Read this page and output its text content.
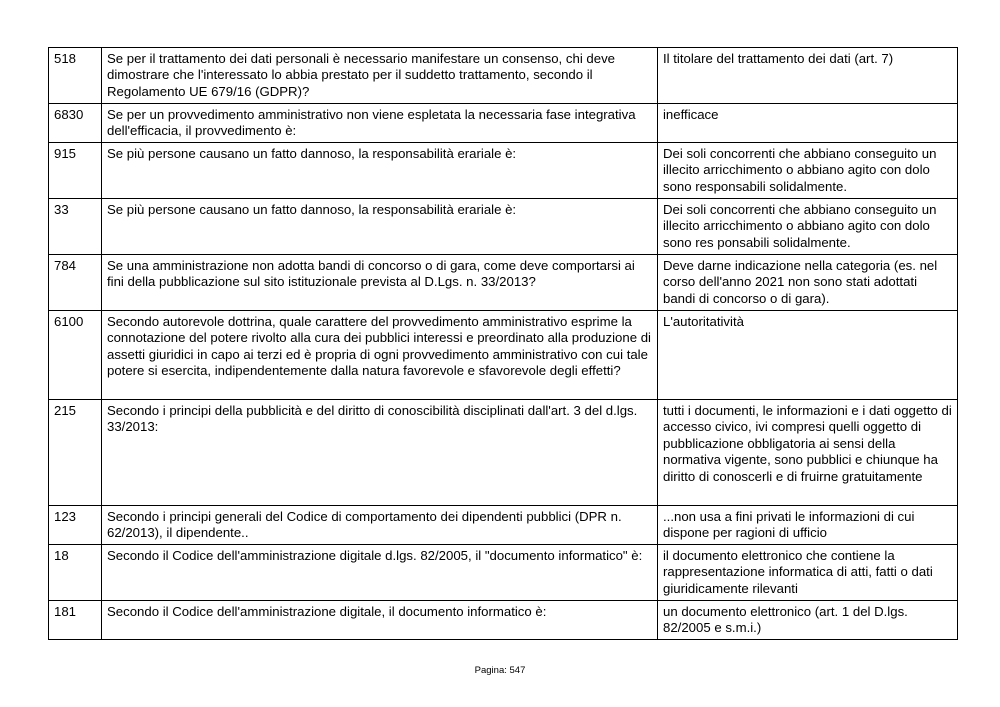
518	Se per il trattamento dei dati personali è necessario manifestare un consenso, chi deve dimostrare che l'interessato lo abbia prestato per il suddetto trattamento, secondo il Regolamento UE 679/16 (GDPR)?	Il titolare del trattamento dei dati (art. 7)
6830	Se per un provvedimento amministrativo non viene espletata la necessaria fase integrativa dell'efficacia, il provvedimento è:	inefficace
915	Se più persone causano un fatto dannoso, la responsabilità erariale è:	Dei soli concorrenti che abbiano conseguito un illecito arricchimento o abbiano agito con dolo sono responsabili solidalmente.
33	Se più persone causano un fatto dannoso, la responsabilità erariale è:	Dei soli concorrenti che abbiano conseguito un illecito arricchimento o abbiano agito con dolo sono res ponsabili solidalmente.
784	Se una amministrazione non adotta bandi di concorso o di gara, come deve comportarsi ai fini della pubblicazione sul sito istituzionale prevista al D.Lgs. n. 33/2013?	Deve darne indicazione nella categoria (es. nel corso dell'anno 2021 non sono stati adottati bandi di concorso o di gara).
6100	Secondo autorevole dottrina, quale carattere del provvedimento amministrativo esprime la connotazione del potere rivolto alla cura dei pubblici interessi e preordinato alla produzione di assetti giuridici in capo ai terzi ed è propria di ogni provvedimento amministrativo con cui tale potere si esercita, indipendentemente dalla natura favorevole e sfavorevole degli effetti?	L'autoritatività
215	Secondo i principi della pubblicità e del diritto di conoscibilità disciplinati dall'art. 3 del d.lgs. 33/2013:	tutti i documenti, le informazioni e i dati oggetto di accesso civico, ivi compresi quelli oggetto di pubblicazione obbligatoria ai sensi della normativa vigente, sono pubblici e chiunque ha diritto di conoscerli e di fruirne gratuitamente
123	Secondo i principi generali del Codice di comportamento dei dipendenti pubblici (DPR n. 62/2013), il dipendente..	...non usa a fini privati le informazioni di cui dispone per ragioni di ufficio
18	Secondo il Codice dell'amministrazione digitale d.lgs. 82/2005, il "documento informatico" è:	il documento elettronico che contiene la rappresentazione informatica di atti, fatti o dati giuridicamente rilevanti
181	Secondo il Codice dell'amministrazione digitale, il documento informatico è:	un documento elettronico (art. 1 del D.lgs. 82/2005 e s.m.i.)
Pagina: 547
